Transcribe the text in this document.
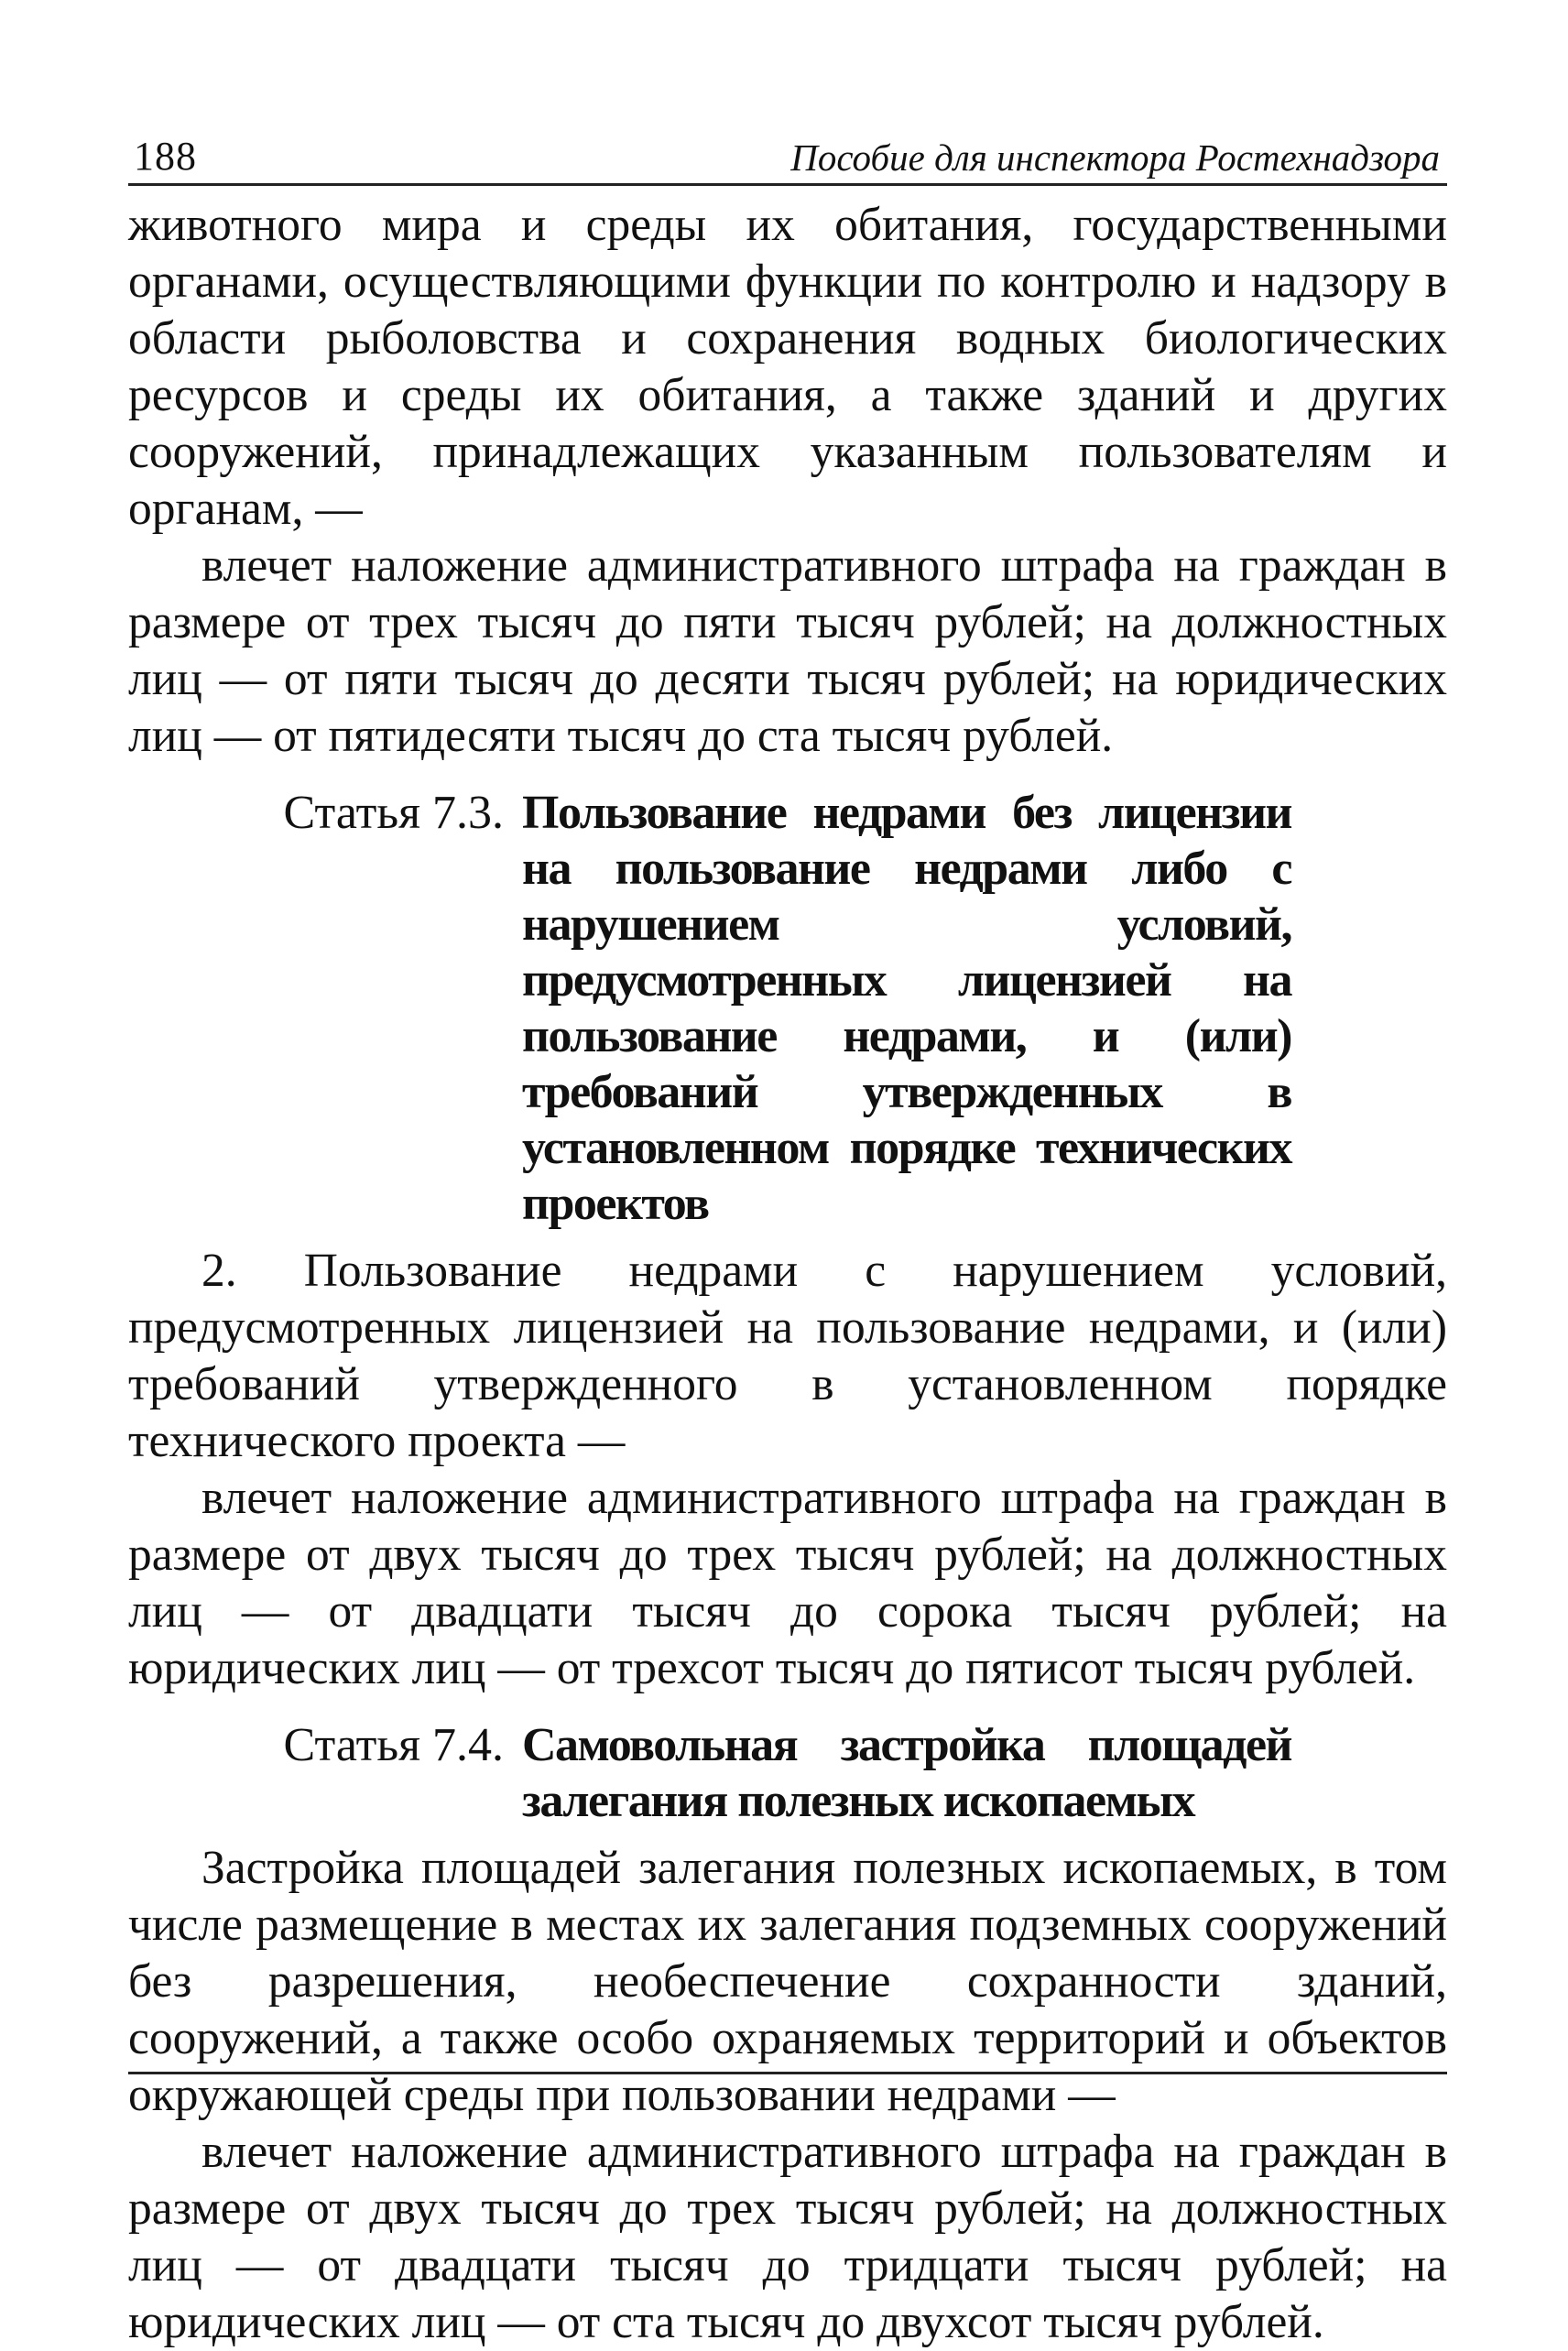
188	Пособие для инспектора Ростехнадзора

животного мира и среды их обитания, государственными органами, осуществляющими функции по контролю и надзору в области рыболовства и сохранения водных биологических ресурсов и среды их обитания, а также зданий и других сооружений, принадлежащих указанным пользователям и органам, —

влечет наложение административного штрафа на граждан в размере от трех тысяч до пяти тысяч рублей; на должностных лиц — от пяти тысяч до десяти тысяч рублей; на юридических лиц — от пятидесяти тысяч до ста тысяч рублей.

Статья 7.3. Пользование недрами без лицензии на пользование недрами либо с нарушением условий, предусмотренных лицензией на пользование недрами, и (или) требований утвержденных в установленном порядке технических проектов

2. Пользование недрами с нарушением условий, предусмотренных лицензией на пользование недрами, и (или) требований утвержденного в установленном порядке технического проекта —

влечет наложение административного штрафа на граждан в размере от двух тысяч до трех тысяч рублей; на должностных лиц — от двадцати тысяч до сорока тысяч рублей; на юридических лиц — от трехсот тысяч до пятисот тысяч рублей.

Статья 7.4. Самовольная застройка площадей залегания полезных ископаемых

Застройка площадей залегания полезных ископаемых, в том числе размещение в местах их залегания подземных сооружений без разрешения, необеспечение сохранности зданий, сооружений, а также особо охраняемых территорий и объектов окружающей среды при пользовании недрами —

влечет наложение административного штрафа на граждан в размере от двух тысяч до трех тысяч рублей; на должностных лиц — от двадцати тысяч до тридцати тысяч рублей; на юридических лиц — от ста тысяч до двухсот тысяч рублей.
